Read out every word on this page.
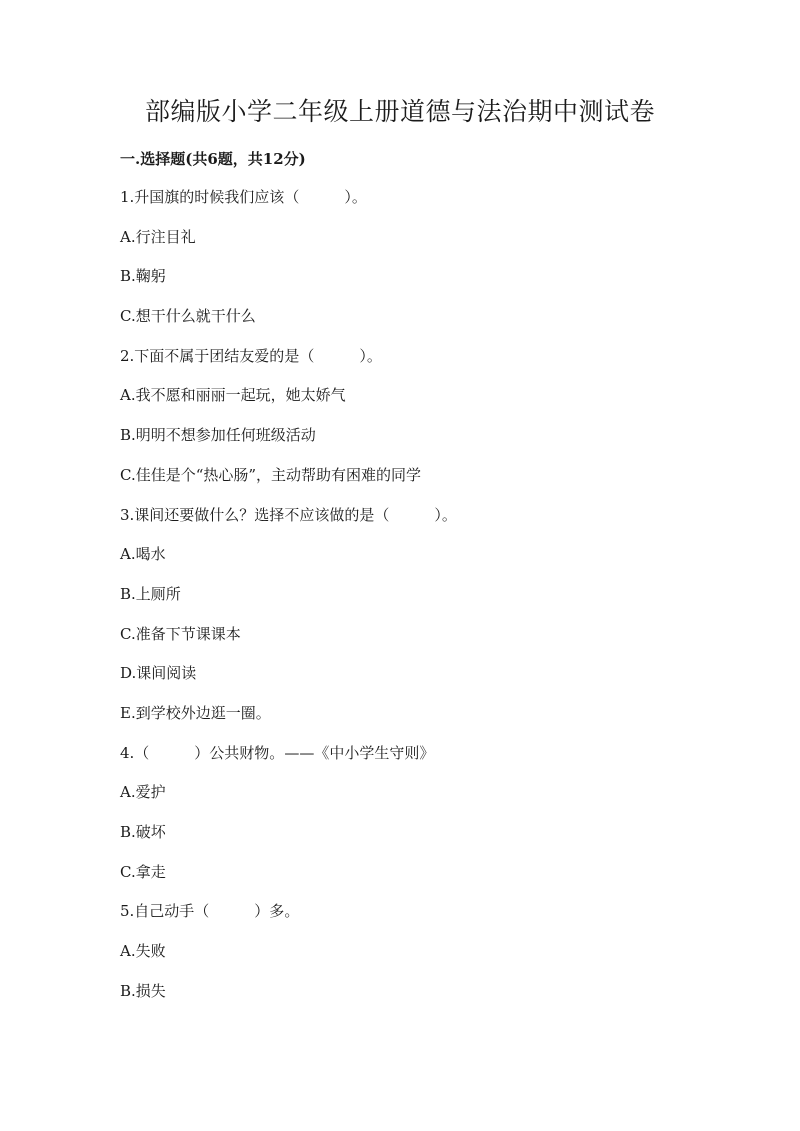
部编版小学二年级上册道德与法治期中测试卷
一.选择题(共6题，共12分)
1.升国旗的时候我们应该（　　　）。
A.行注目礼
B.鞠躬
C.想干什么就干什么
2.下面不属于团结友爱的是（　　　）。
A.我不愿和丽丽一起玩，她太娇气
B.明明不想参加任何班级活动
C.佳佳是个“热心肠”，主动帮助有困难的同学
3.课间还要做什么？选择不应该做的是（　　　）。
A.喝水
B.上厕所
C.准备下节课课本
D.课间阅读
E.到学校外边逛一圈。
4.（　　　）公共财物。——《中小学生守则》
A.爱护
B.破坏
C.拿走
5.自己动手（　　　）多。
A.失败
B.损失
